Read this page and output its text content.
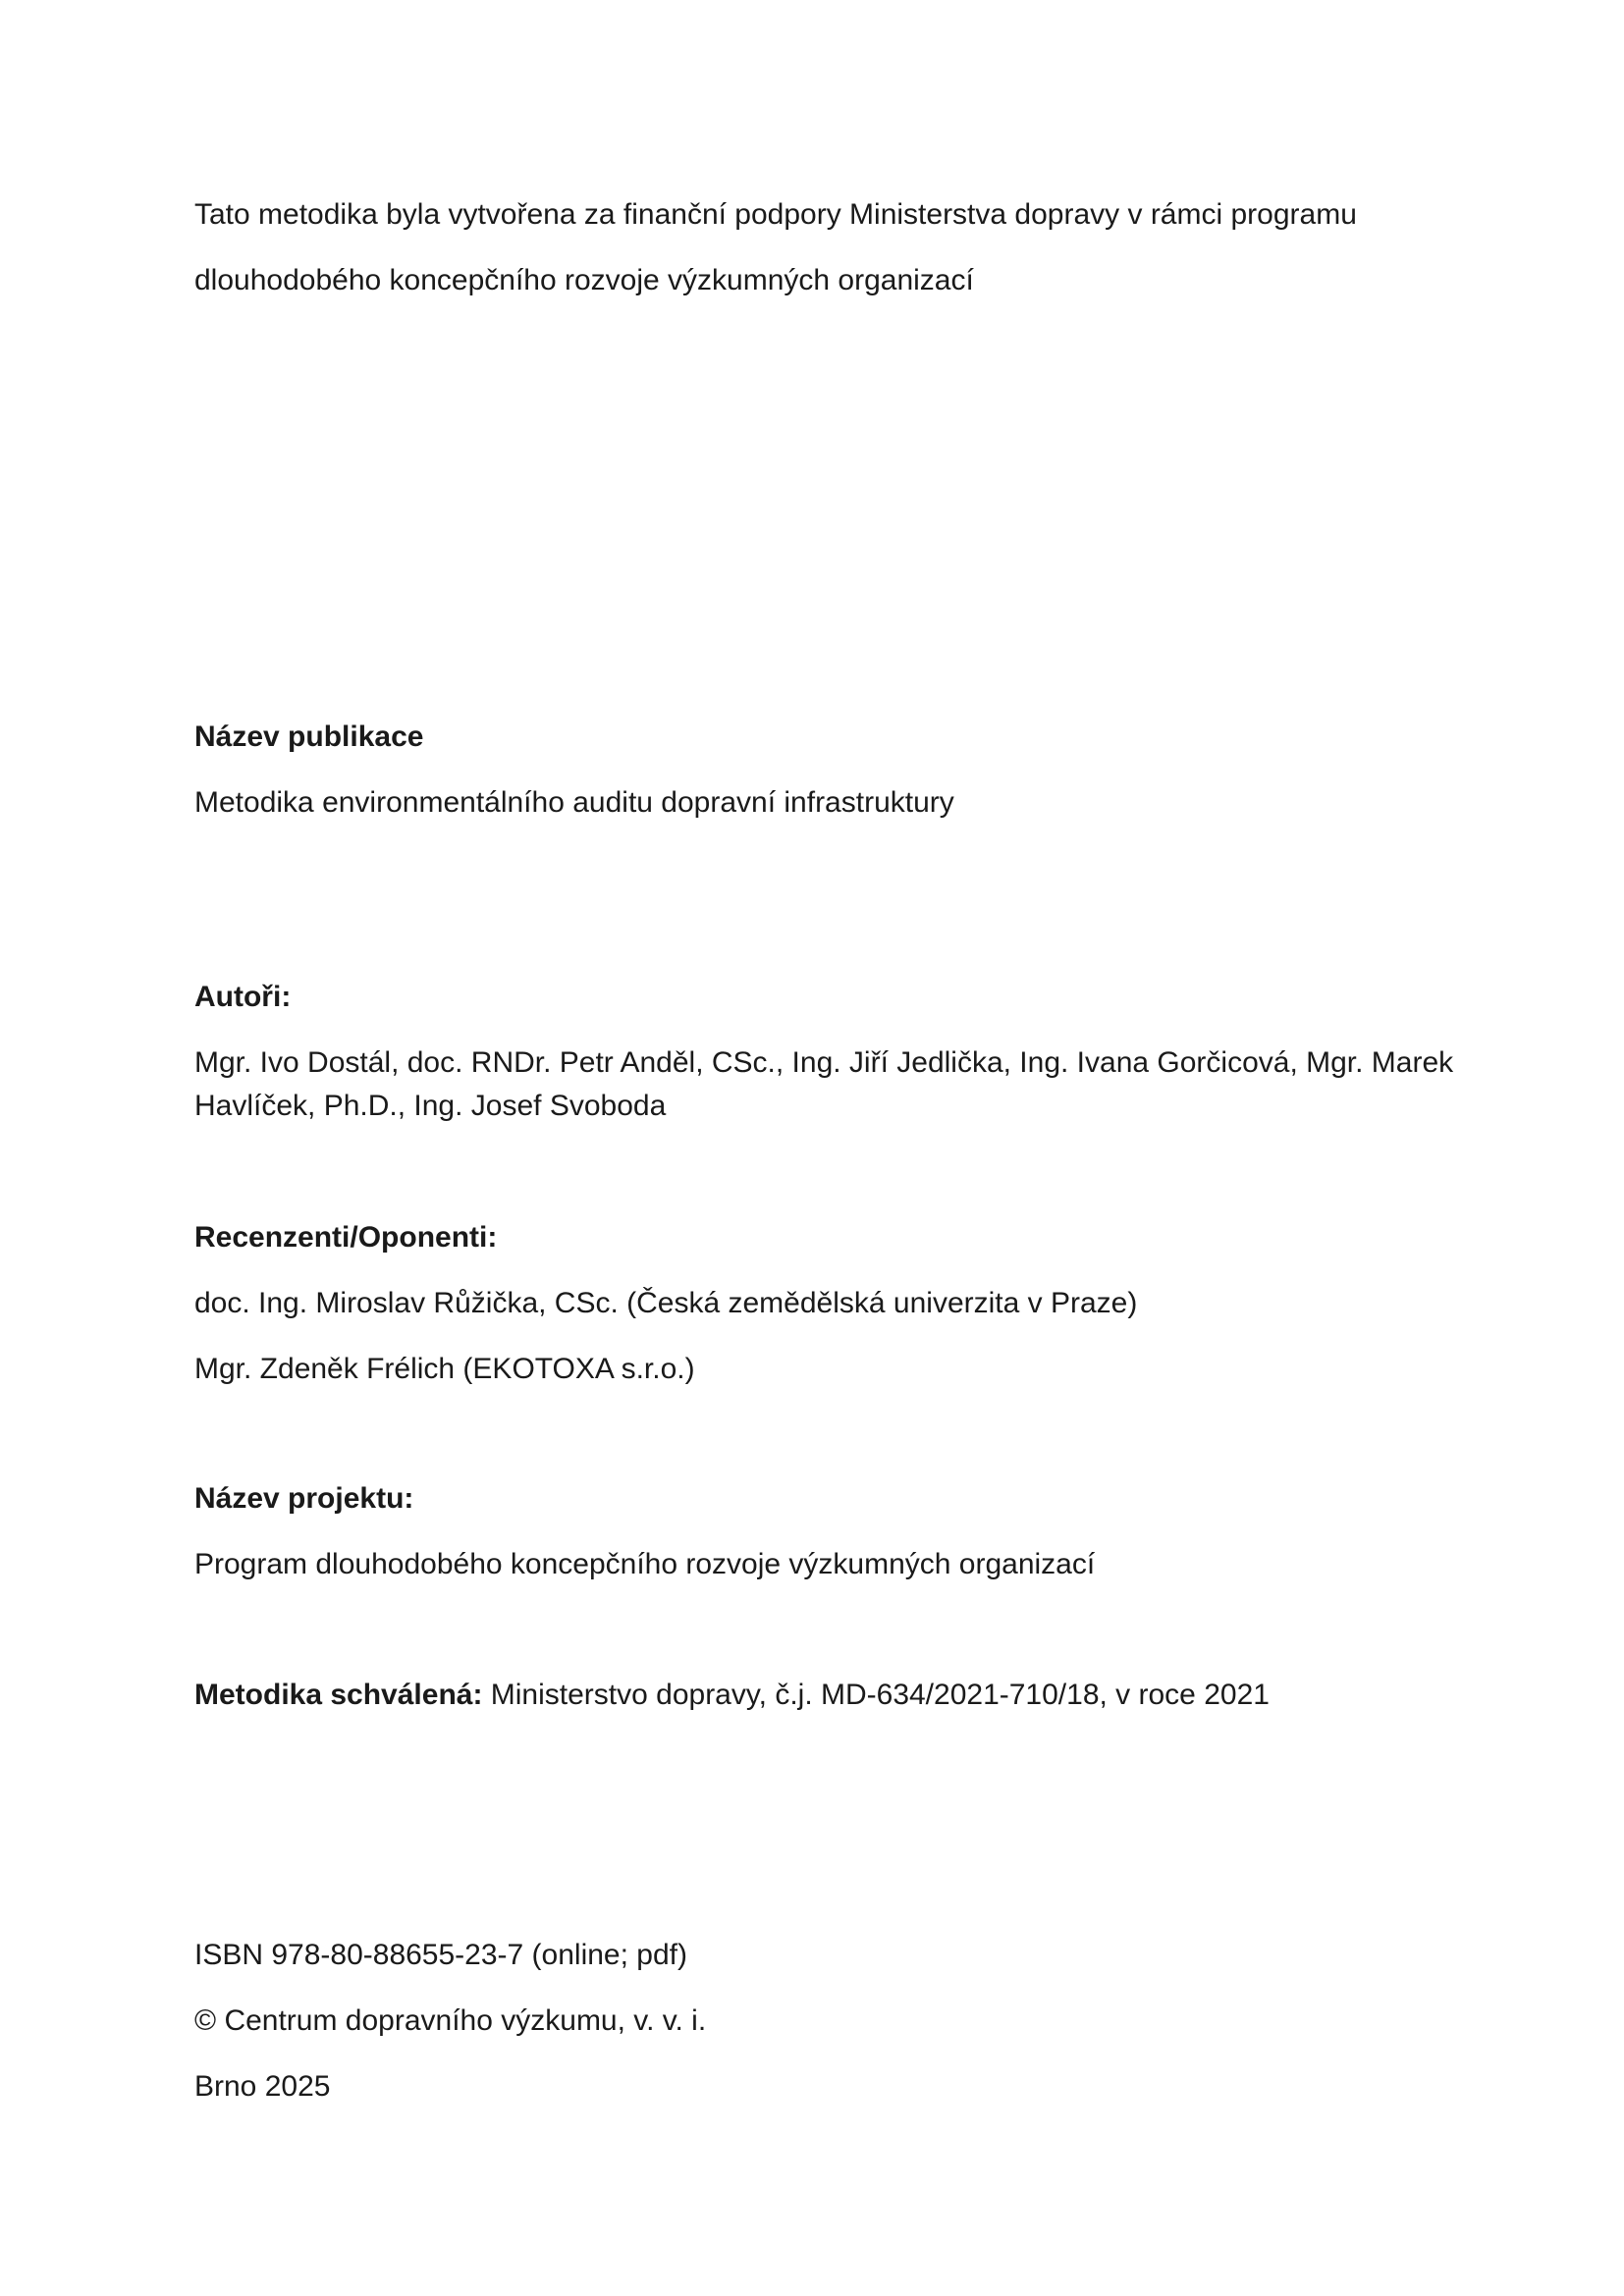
Tato metodika byla vytvořena za finanční podpory Ministerstva dopravy v rámci programu

dlouhodobého koncepčního rozvoje výzkumných organizací

Název publikace

Metodika environmentálního auditu dopravní infrastruktury

Autoři:

Mgr. Ivo Dostál, doc. RNDr. Petr Anděl, CSc., Ing. Jiří Jedlička, Ing. Ivana Gorčicová, Mgr. Marek

Havlíček, Ph.D., Ing. Josef Svoboda

Recenzenti/Oponenti:

doc. Ing. Miroslav Růžička, CSc. (Česká zemědělská univerzita v Praze)

Mgr. Zdeněk Frélich (EKOTOXA s.r.o.)

Název projektu:

Program dlouhodobého koncepčního rozvoje výzkumných organizací

Metodika schválená: Ministerstvo dopravy, č.j. MD-634/2021-710/18, v roce 2021

ISBN 978-80-88655-23-7 (online; pdf)

© Centrum dopravního výzkumu, v. v. i.

Brno 2025
